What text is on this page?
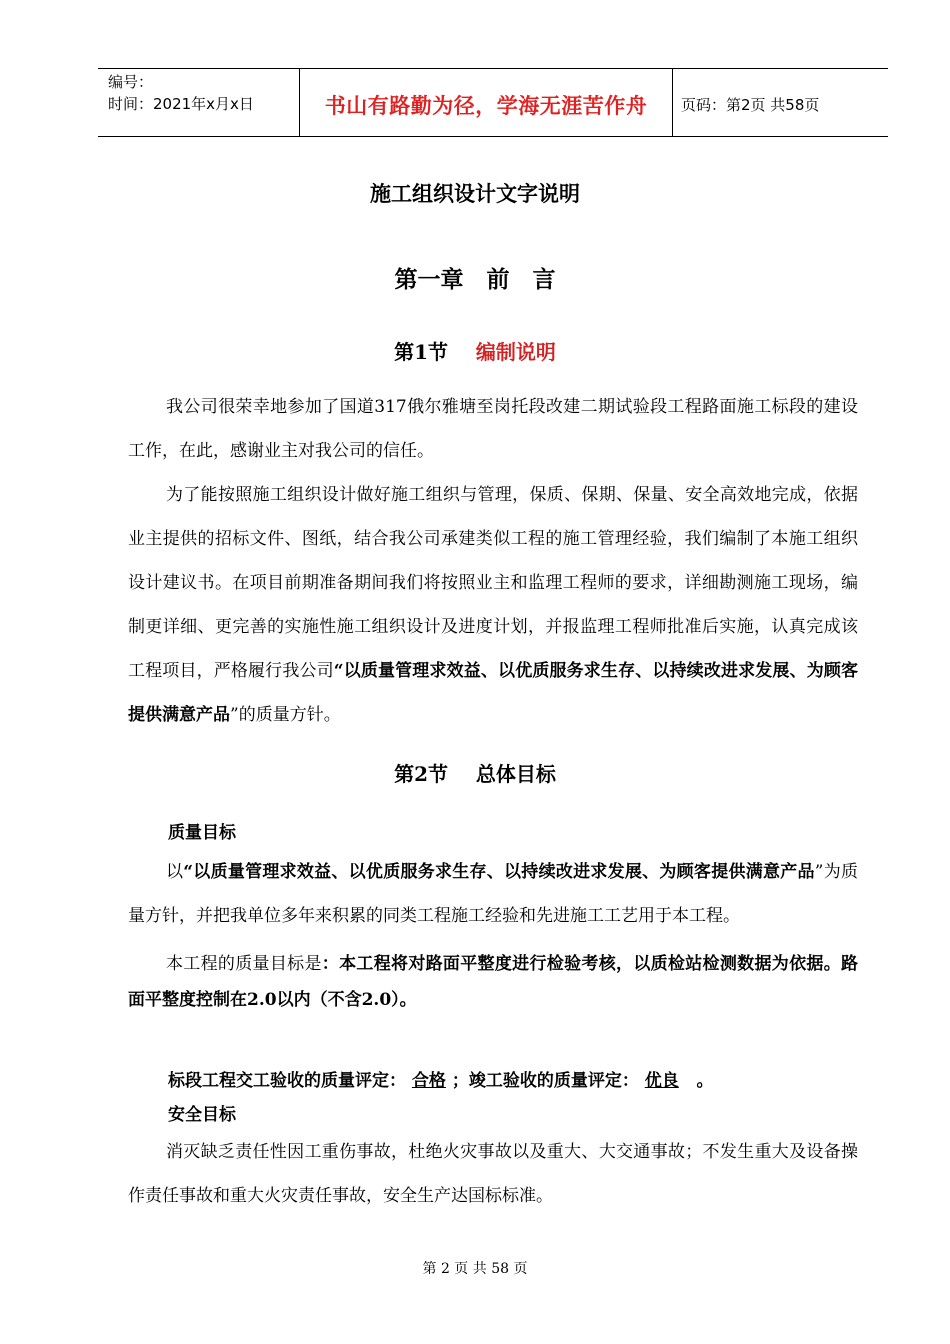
编号：
时间：2021年x月x日	书山有路勤为径，学海无涯苦作舟	页码：第2页 共58页
施工组织设计文字说明
第一章　前　言
第1节 编制说明

我公司很荣幸地参加了国道317俄尔雅塘至岗托段改建二期试验段工程路面施工标段的建设工作，在此，感谢业主对我公司的信任。

为了能按照施工组织设计做好施工组织与管理，保质、保期、保量、安全高效地完成，依据业主提供的招标文件、图纸，结合我公司承建类似工程的施工管理经验，我们编制了本施工组织设计建议书。在项目前期准备期间我们将按照业主和监理工程师的要求，详细勘测施工现场，编制更详细、更完善的实施性施工组织设计及进度计划，并报监理工程师批准后实施，认真完成该工程项目，严格履行我公司“以质量管理求效益、以优质服务求生存、以持续改进求发展、为顾客提供满意产品”的质量方针。

第2节 总体目标
质量目标

以“以质量管理求效益、以优质服务求生存、以持续改进求发展、为顾客提供满意产品”为质量方针，并把我单位多年来积累的同类工程施工经验和先进施工工艺用于本工程。

本工程的质量目标是：本工程将对路面平整度进行检验考核，以质检站检测数据为依据。路面平整度控制在2.0以内（不含2.0）。

标段工程交工验收的质量评定： 合格 ；竣工验收的质量评定： 优良 。
安全目标

消灭缺乏责任性因工重伤事故，杜绝火灾事故以及重大、大交通事故；不发生重大及设备操作责任事故和重大火灾责任事故，安全生产达国标标准。

第 2 页 共 58 页
